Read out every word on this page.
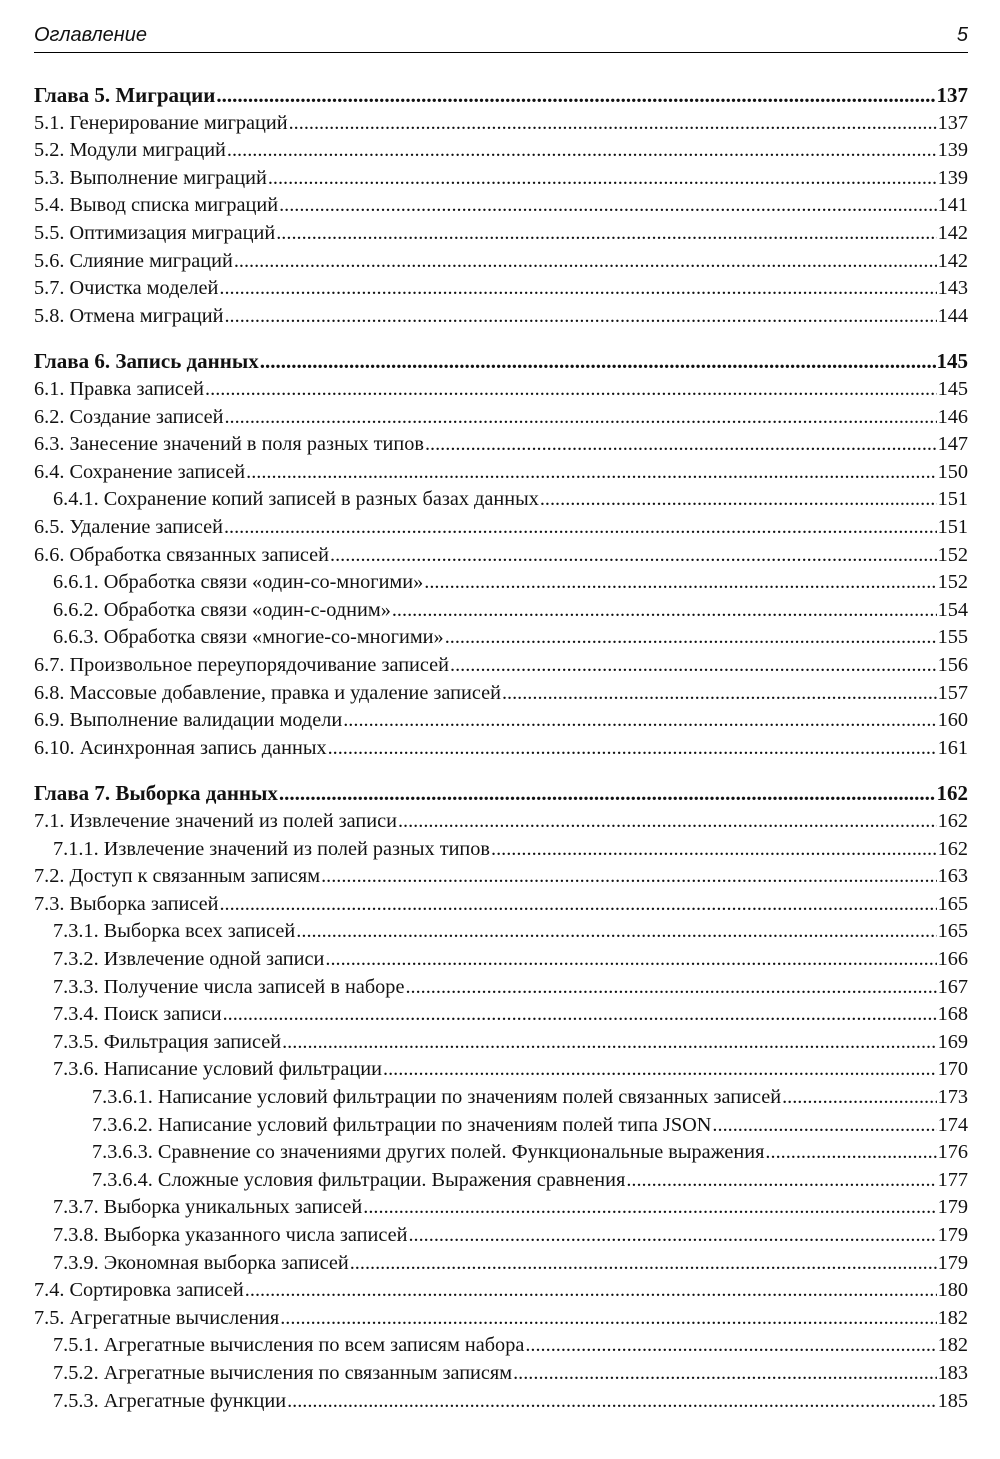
Оглавление	5
Глава 5. Миграции .....	137
5.1. Генерирование миграций .....	137
5.2. Модули миграций .....	139
5.3. Выполнение миграций .....	139
5.4. Вывод списка миграций .....	141
5.5. Оптимизация миграций .....	142
5.6. Слияние миграций .....	142
5.7. Очистка моделей .....	143
5.8. Отмена миграций .....	144
Глава 6. Запись данных .....	145
6.1. Правка записей .....	145
6.2. Создание записей .....	146
6.3. Занесение значений в поля разных типов .....	147
6.4. Сохранение записей .....	150
6.4.1. Сохранение копий записей в разных базах данных .....	151
6.5. Удаление записей .....	151
6.6. Обработка связанных записей .....	152
6.6.1. Обработка связи «один-со-многими» .....	152
6.6.2. Обработка связи «один-с-одним» .....	154
6.6.3. Обработка связи «многие-со-многими» .....	155
6.7. Произвольное переупорядочивание записей .....	156
6.8. Массовые добавление, правка и удаление записей .....	157
6.9. Выполнение валидации модели .....	160
6.10. Асинхронная запись данных .....	161
Глава 7. Выборка данных .....	162
7.1. Извлечение значений из полей записи .....	162
7.1.1. Извлечение значений из полей разных типов .....	162
7.2. Доступ к связанным записям .....	163
7.3. Выборка записей .....	165
7.3.1. Выборка всех записей .....	165
7.3.2. Извлечение одной записи .....	166
7.3.3. Получение числа записей в наборе .....	167
7.3.4. Поиск записи .....	168
7.3.5. Фильтрация записей .....	169
7.3.6. Написание условий фильтрации .....	170
7.3.6.1. Написание условий фильтрации по значениям полей связанных записей .....	173
7.3.6.2. Написание условий фильтрации по значениям полей типа JSON .....	174
7.3.6.3. Сравнение со значениями других полей. Функциональные выражения .....	176
7.3.6.4. Сложные условия фильтрации. Выражения сравнения .....	177
7.3.7. Выборка уникальных записей .....	179
7.3.8. Выборка указанного числа записей .....	179
7.3.9. Экономная выборка записей .....	179
7.4. Сортировка записей .....	180
7.5. Агрегатные вычисления .....	182
7.5.1. Агрегатные вычисления по всем записям набора .....	182
7.5.2. Агрегатные вычисления по связанным записям .....	183
7.5.3. Агрегатные функции .....	185
